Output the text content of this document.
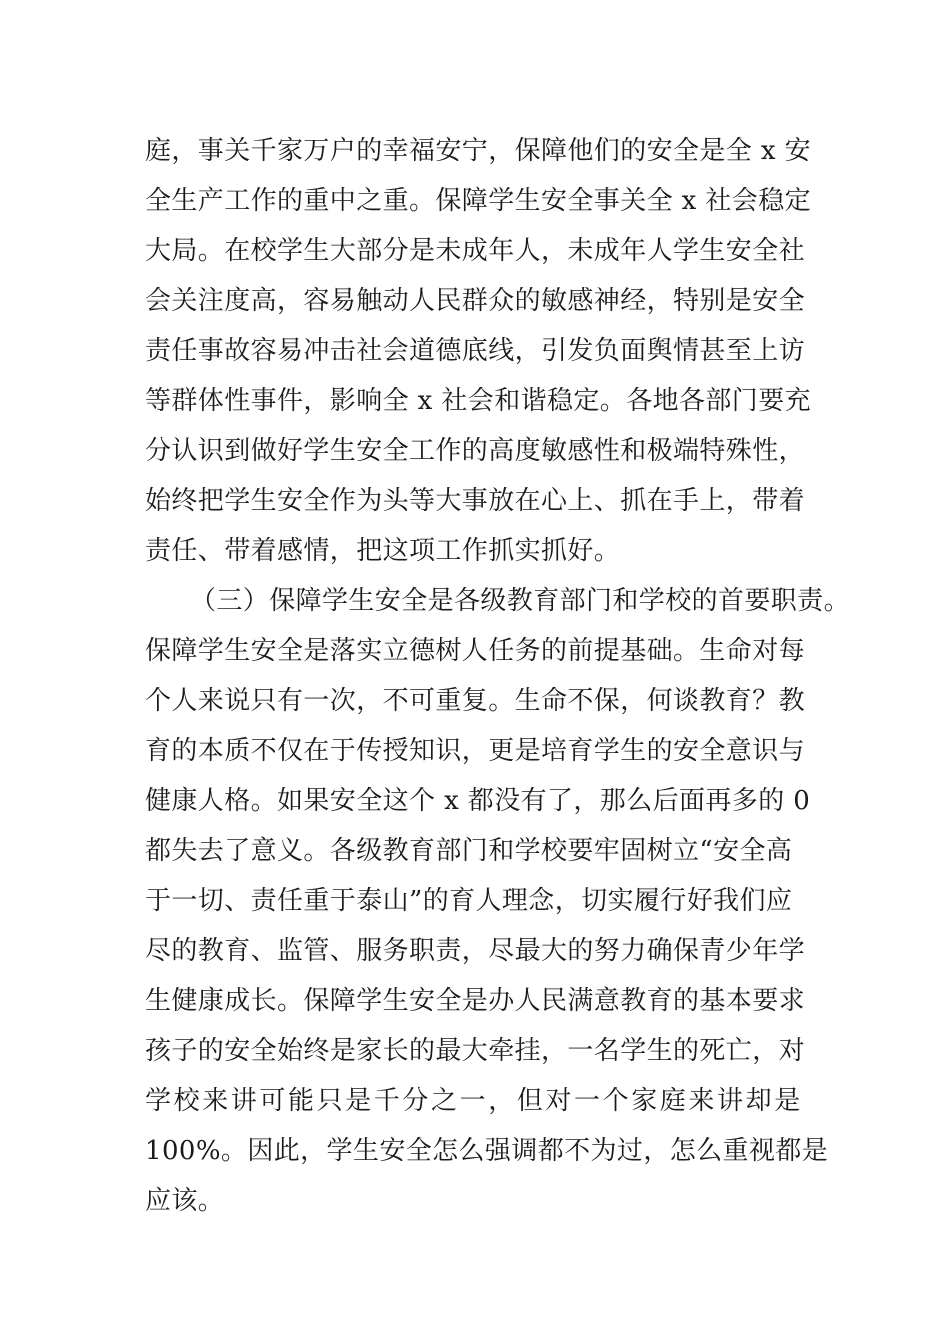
庭，事关千家万户的幸福安宁，保障他们的安全是全 x 安
全生产工作的重中之重。保障学生安全事关全 x 社会稳定
大局。在校学生大部分是未成年人，未成年人学生安全社
会关注度高，容易触动人民群众的敏感神经，特别是安全
责任事故容易冲击社会道德底线，引发负面舆情甚至上访
等群体性事件，影响全 x 社会和谐稳定。各地各部门要充
分认识到做好学生安全工作的高度敏感性和极端特殊性，
始终把学生安全作为头等大事放在心上、抓在手上，带着
责任、带着感情，把这项工作抓实抓好。
（三）保障学生安全是各级教育部门和学校的首要职责。
保障学生安全是落实立德树人任务的前提基础。生命对每
个人来说只有一次，不可重复。生命不保，何谈教育？教
育的本质不仅在于传授知识，更是培育学生的安全意识与
健康人格。如果安全这个 x 都没有了，那么后面再多的 0
都失去了意义。各级教育部门和学校要牢固树立“安全高
于一切、责任重于泰山”的育人理念，切实履行好我们应
尽的教育、监管、服务职责，尽最大的努力确保青少年学
生健康成长。保障学生安全是办人民满意教育的基本要求
孩子的安全始终是家长的最大牵挂，一名学生的死亡，对
学校来讲可能只是千分之一，但对一个家庭来讲却是
100%。因此，学生安全怎么强调都不为过，怎么重视都是
应该。
